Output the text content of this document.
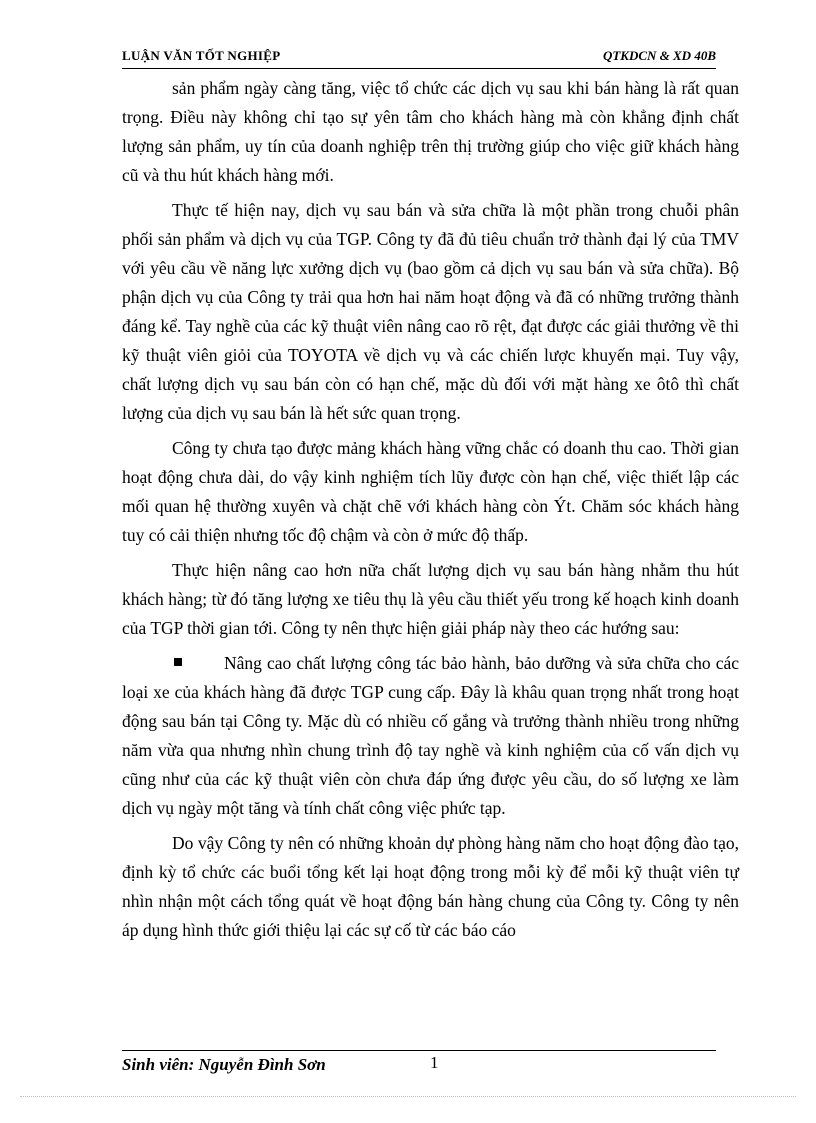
LUẬN VĂN TỐT NGHIỆP	QTKDCN & XD 40B

sản phẩm ngày càng tăng, việc tổ chức các dịch vụ sau khi bán hàng là rất quan trọng. Điều này không chỉ tạo sự yên tâm cho khách hàng mà còn khẳng định chất lượng sản phẩm, uy tín của doanh nghiệp trên thị trường giúp cho việc giữ khách hàng cũ và thu hút khách hàng mới.

Thực tế hiện nay, dịch vụ sau bán và sửa chữa là một phần trong chuỗi phân phối sản phẩm và dịch vụ của TGP. Công ty đã đủ tiêu chuẩn trở thành đại lý của TMV với yêu cầu về năng lực xưởng dịch vụ (bao gồm cả dịch vụ sau bán và sửa chữa). Bộ phận dịch vụ của Công ty trải qua hơn hai năm hoạt động và đã có những trưởng thành đáng kể. Tay nghề của các kỹ thuật viên nâng cao rõ rệt, đạt được các giải thưởng về thi kỹ thuật viên giỏi của TOYOTA về dịch vụ và các chiến lược khuyến mại. Tuy vậy, chất lượng dịch vụ sau bán còn có hạn chế, mặc dù đối với mặt hàng xe ôtô thì chất lượng của dịch vụ sau bán là hết sức quan trọng.

Công ty chưa tạo được mảng khách hàng vững chắc có doanh thu cao. Thời gian hoạt động chưa dài, do vậy kinh nghiệm tích lũy được còn hạn chế, việc thiết lập các mối quan hệ thường xuyên và chặt chẽ với khách hàng còn Ýt. Chăm sóc khách hàng tuy có cải thiện nhưng tốc độ chậm và còn ở mức độ thấp.

Thực hiện nâng cao hơn nữa chất lượng dịch vụ sau bán hàng nhằm thu hút khách hàng; từ đó tăng lượng xe tiêu thụ là yêu cầu thiết yếu trong kế hoạch kinh doanh của TGP thời gian tới. Công ty nên thực hiện giải pháp này theo các hướng sau:

Nâng cao chất lượng công tác bảo hành, bảo dưỡng và sửa chữa cho các loại xe của khách hàng đã được TGP cung cấp. Đây là khâu quan trọng nhất trong hoạt động sau bán tại Công ty. Mặc dù có nhiều cố gắng và trưởng thành nhiều trong những năm vừa qua nhưng nhìn chung trình độ tay nghề và kinh nghiệm của cố vấn dịch vụ cũng như của các kỹ thuật viên còn chưa đáp ứng được yêu cầu, do số lượng xe làm dịch vụ ngày một tăng và tính chất công việc phức tạp.

Do vậy Công ty nên có những khoản dự phòng hàng năm cho hoạt động đào tạo, định kỳ tổ chức các buổi tổng kết lại hoạt động trong mỗi kỳ để mỗi kỹ thuật viên tự nhìn nhận một cách tổng quát về hoạt động bán hàng chung của Công ty. Công ty nên áp dụng hình thức giới thiệu lại các sự cố từ các báo cáo

Sinh viên: Nguyễn Đình Sơn	1
